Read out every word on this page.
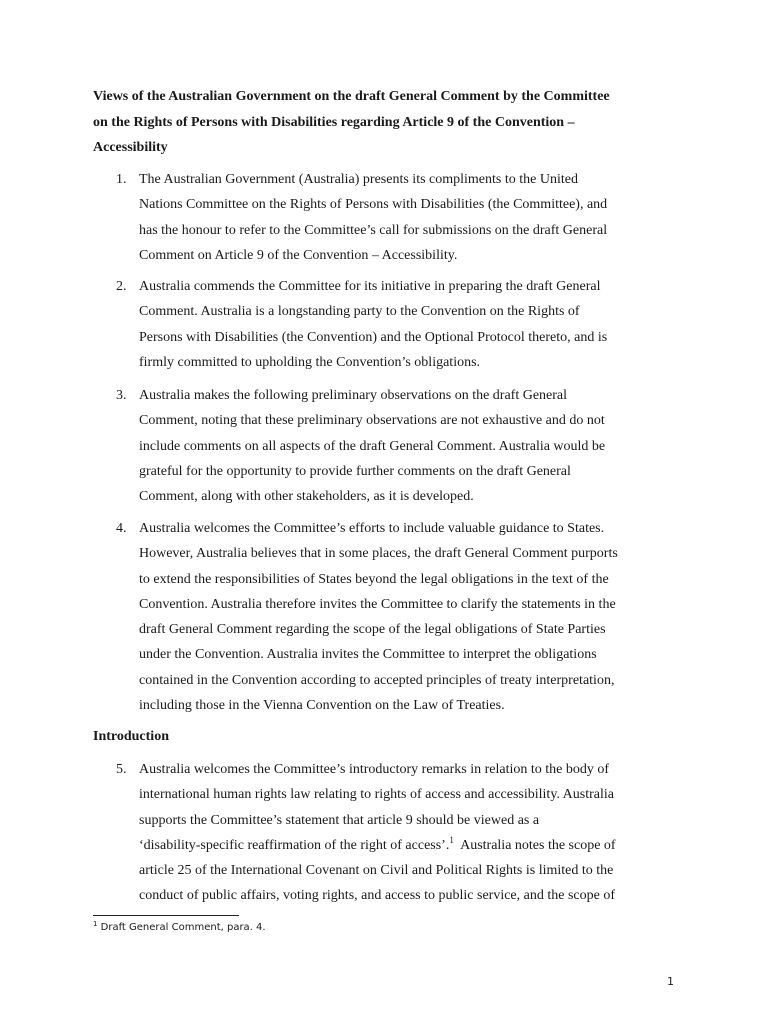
Views of the Australian Government on the draft General Comment by the Committee
on the Rights of Persons with Disabilities regarding Article 9 of the Convention –
Accessibility
1. The Australian Government (Australia) presents its compliments to the United
Nations Committee on the Rights of Persons with Disabilities (the Committee), and
has the honour to refer to the Committee’s call for submissions on the draft General
Comment on Article 9 of the Convention – Accessibility.
2. Australia commends the Committee for its initiative in preparing the draft General
Comment. Australia is a longstanding party to the Convention on the Rights of
Persons with Disabilities (the Convention) and the Optional Protocol thereto, and is
firmly committed to upholding the Convention’s obligations.
3. Australia makes the following preliminary observations on the draft General
Comment, noting that these preliminary observations are not exhaustive and do not
include comments on all aspects of the draft General Comment. Australia would be
grateful for the opportunity to provide further comments on the draft General
Comment, along with other stakeholders, as it is developed.
4. Australia welcomes the Committee’s efforts to include valuable guidance to States.
However, Australia believes that in some places, the draft General Comment purports
to extend the responsibilities of States beyond the legal obligations in the text of the
Convention. Australia therefore invites the Committee to clarify the statements in the
draft General Comment regarding the scope of the legal obligations of State Parties
under the Convention. Australia invites the Committee to interpret the obligations
contained in the Convention according to accepted principles of treaty interpretation,
including those in the Vienna Convention on the Law of Treaties.
Introduction
5. Australia welcomes the Committee’s introductory remarks in relation to the body of
international human rights law relating to rights of access and accessibility. Australia
supports the Committee’s statement that article 9 should be viewed as a
‘disability-specific reaffirmation of the right of access’.$^1$  Australia notes the scope of
article 25 of the International Covenant on Civil and Political Rights is limited to the
conduct of public affairs, voting rights, and access to public service, and the scope of
$^1$ Draft General Comment, para. 4.
1
